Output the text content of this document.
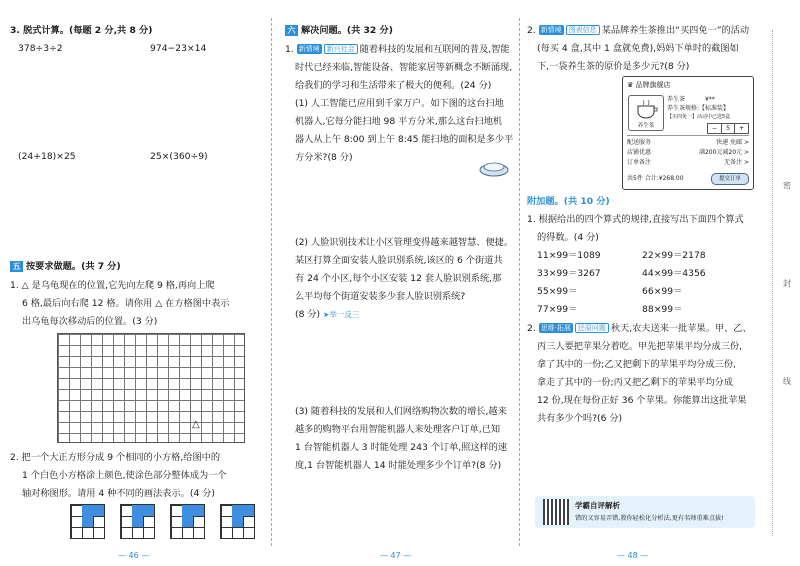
3. 脱式计算。(每题 2 分,共 8 分)
378÷3÷2	974−23×14
(24+18)×25	25×(360÷9)
五 按要求做题。(共 7 分)
1. △ 是乌龟现在的位置,它先向左爬 9 格,再向上爬
6 格,最后向右爬 12 格。请你用 △ 在方格图中表示
出乌龟每次移动后的位置。(3 分)
△
2. 把一个大正方形分成 9 个相同的小方格,给图中的
1 个白色小方格涂上颜色,使涂色部分整体成为一个
轴对称图形。请用 4 种不同的画法表示。(4 分)
— 46 —
六 解决问题。(共 32 分)
1. 新情境 新兴社会 随着科技的发展和互联网的普及,智能
时代已经来临,智能设备、智能家居等新概念不断涌现,
给我们的学习和生活带来了极大的便利。(24 分)
(1) 人工智能已应用到千家万户。如下图的这台扫地
机器人,它每分能扫地 98 平方分米,那么这台扫地机
器人从上午 8:00 到上午 8:45 能扫地的面积是多少平
方分米?(8 分)
(2) 人脸识别技术让小区管理变得越来越智慧、便捷。
某区打算全面安装人脸识别系统,该区的 6 个街道共
有 24 个小区,每个小区安装 12 套人脸识别系统,那
么平均每个街道安装多少套人脸识别系统?
(8 分) ➤举一反三
(3) 随着科技的发展和人们网络购物次数的增长,越来
越多的购物平台用智能机器人来处理客户订单,已知
1 台智能机器人 3 时能处理 243 个订单,照这样的速
度,1 台智能机器人 14 时能处理多少个订单?(8 分)
— 47 —
2. 新情境 图表信息 某品牌养生茶推出“买四免一”的活动
(每买 4 盒,其中 1 盒就免费),妈妈下单时的截图如
下,一袋养生茶的原价是多少元?(8 分)
♛ 品牌旗舰店
养生茶
养生茶	¥**
养生茶规格:【标准装】
【买四免一】活动中已选5盒
−	5	+
配送服务	快递 免邮 >
店铺优惠	满200元减20元 >
订单备注	无备注 >
共5件 合计:¥268.00	提交订单
附加题。(共 10 分)
1. 根据给出的四个算式的规律,直接写出下面四个算式
的得数。(4 分)
11×99＝1089	22×99＝2178
33×99＝3267	44×99＝4356
55×99＝	66×99＝
77×99＝	88×99＝
2. 思维·拓展 还原问题 秋天,农夫送来一批苹果。甲、乙、
丙三人要把苹果分着吃。甲先把苹果平均分成三份,
拿了其中的一份;乙又把剩下的苹果平均分成三份,
拿走了其中的一份;丙又把乙剩下的苹果平均分成
12 份,现在每份正好 36 个苹果。你能算出这批苹果
共有多少个吗?(6 分)
学霸自评解析
错的又容易弄错,教你轻松化分析法,更有名师重难点拔!
— 48 —
密
封
线
